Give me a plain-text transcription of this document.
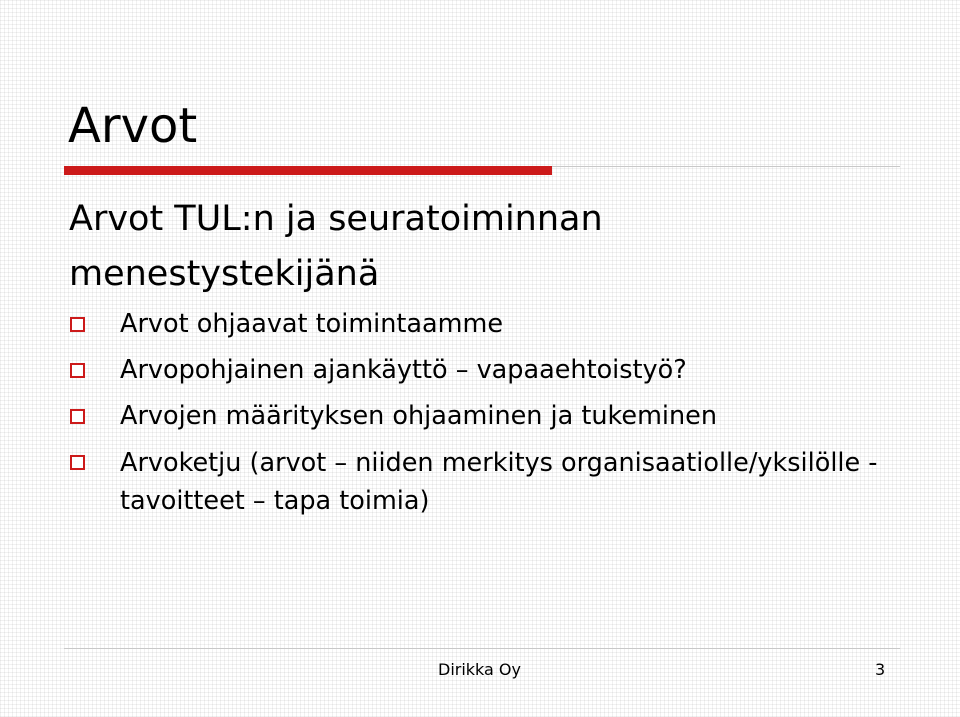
Arvot

Arvot TUL:n ja seuratoiminnan menestystekijänä

Arvot ohjaavat toimintaamme
Arvopohjainen ajankäyttö – vapaaehtoistyö?
Arvojen määrityksen ohjaaminen ja tukeminen
Arvoketju (arvot – niiden merkitys organisaatiolle/yksilölle - tavoitteet – tapa toimia)
Dirikka Oy	3
